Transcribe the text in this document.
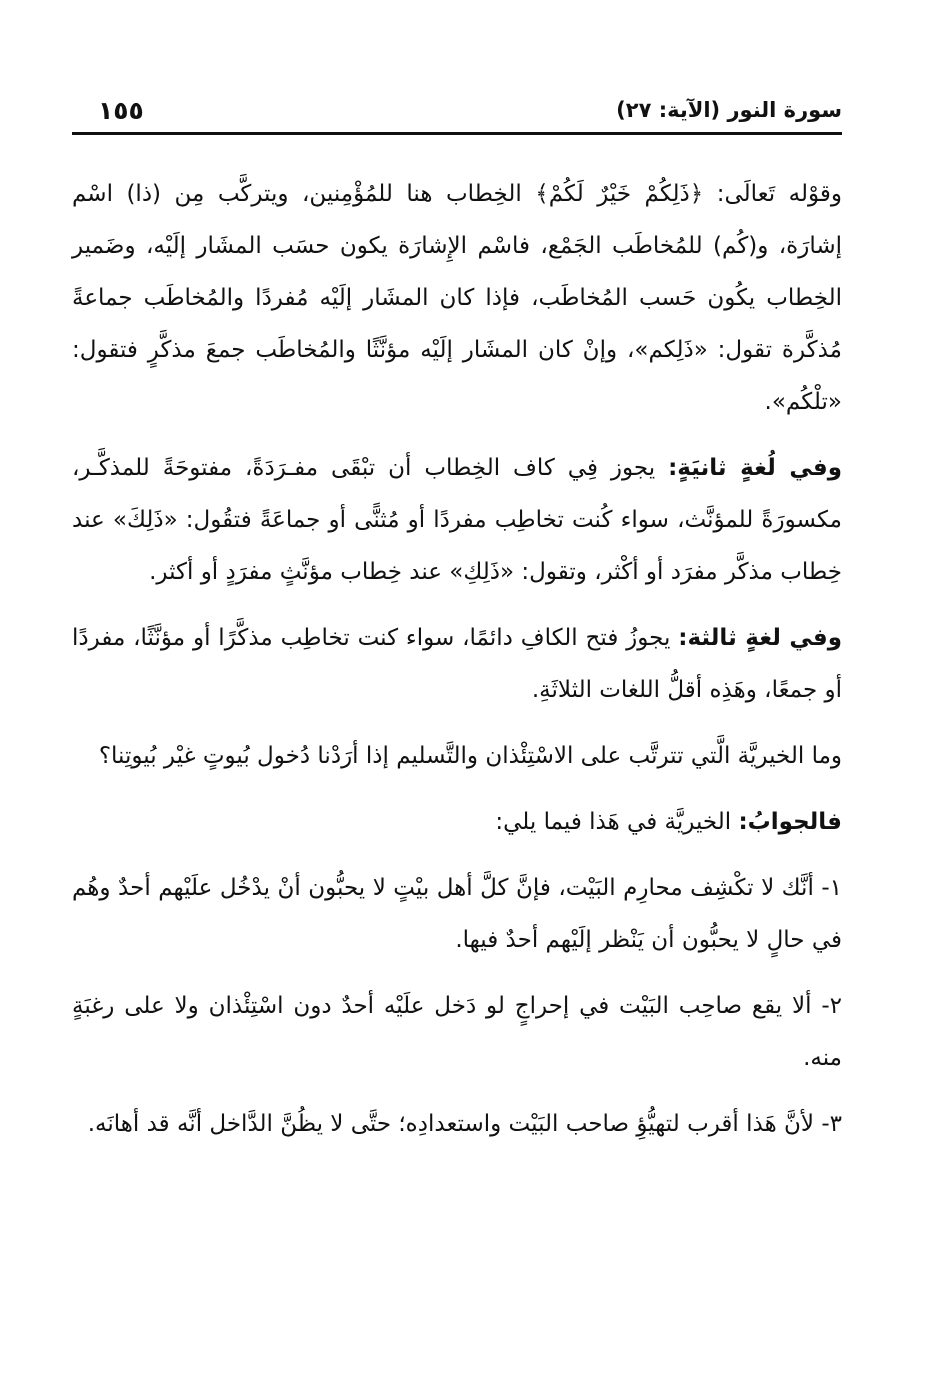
سورة النور (الآية: ٢٧)
١٥٥

وقوْله تَعالَى: ﴿ذَلِكُمْ خَيْرٌ لَكُمْ﴾ الخِطاب هنا للمُؤْمِنين، ويتركَّب مِن (ذا) اسْم إشارَة، و(كُم) للمُخاطَب الجَمْع، فاسْم الإِشارَة يكون حسَب المشَار إلَيْه، وضَمير الخِطاب يكُون حَسب المُخاطَب، فإذا كان المشَار إلَيْه مُفردًا والمُخاطَب جماعةً مُذكَّرة تقول: «ذَلِكم»، وإنْ كان المشَار إلَيْه مؤنَّثًا والمُخاطَب جمعَ مذكَّرٍ فتقول: «تلْكُم».

وفي لُغةٍ ثانيَةٍ: يجوز فِي كاف الخِطاب أن تبْقَى مفـرَدَةً، مفتوحَةً للمذكَّـر، مكسورَةً للمؤنَّث، سواء كُنت تخاطِب مفردًا أو مُثنًّى أو جماعَةً فتقُول: «ذَلِكَ» عند خِطاب مذكَّر مفرَد أو أكْثر، وتقول: «ذَلِكِ» عند خِطاب مؤنَّثٍ مفرَدٍ أو أكثر.

وفي لغةٍ ثالثة: يجوزُ فتح الكافِ دائمًا، سواء كنت تخاطِب مذكَّرًا أو مؤنَّثًا، مفردًا أو جمعًا، وهَذِه أقلُّ اللغات الثلاثَةِ.

وما الخيريَّة الَّتي تترتَّب على الاسْتِئْذان والتَّسليم إذا أرَدْنا دُخول بُيوتٍ غيْر بُيوتِنا؟

فالجوابُ: الخيريَّة في هَذا فيما يلي:

١- أنَّك لا تكْشِف محارِم البَيْت، فإنَّ كلَّ أهل بيْتٍ لا يحبُّون أنْ يدْخُل علَيْهم أحدٌ وهُم في حالٍ لا يحبُّون أن يَنْظر إلَيْهم أحدٌ فيها.

٢- ألا يقع صاحِب البَيْت في إحراجٍ لو دَخل علَيْه أحدٌ دون اسْتِئْذان ولا على رغبَةٍ منه.

٣- لأنَّ هَذا أقرب لتهيُّؤِ صاحب البَيْت واستعدادِه؛ حتَّى لا يظُنَّ الدَّاخل أنَّه قد أهانَه.
